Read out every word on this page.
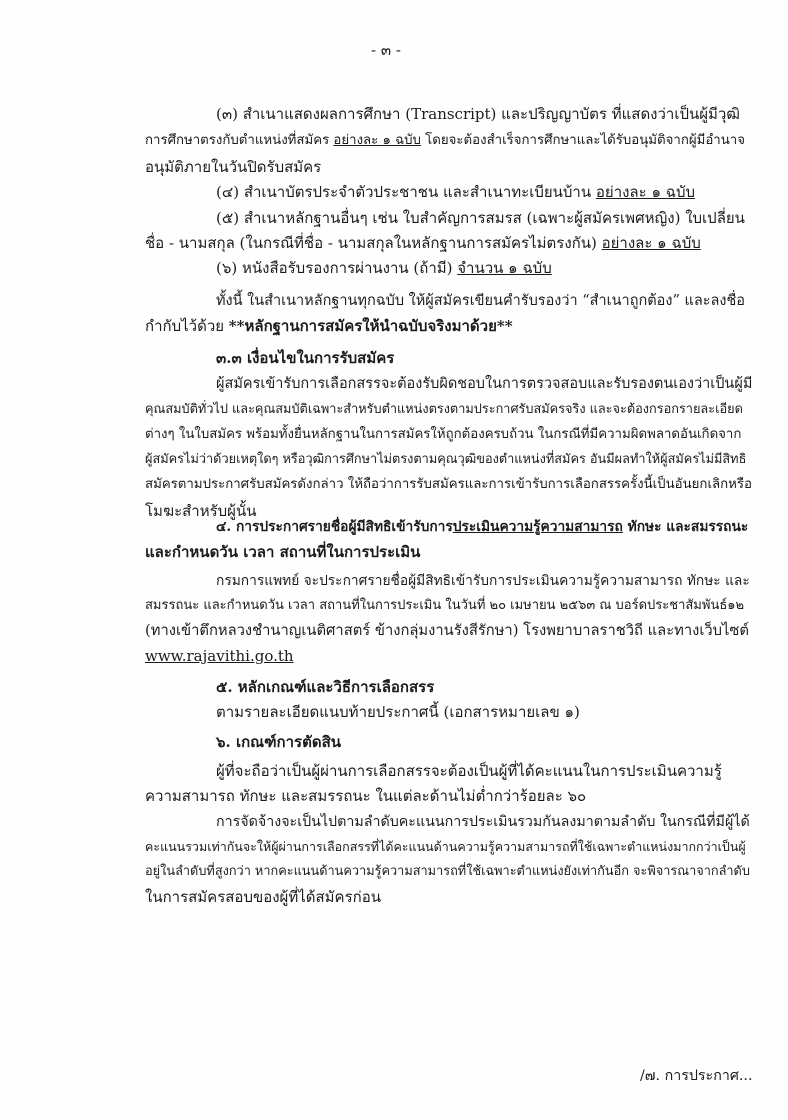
- ๓ -
(๓) สำเนาแสดงผลการศึกษา (Transcript) และปริญญาบัตร ที่แสดงว่าเป็นผู้มีวุฒิ
การศึกษาตรงกับตำแหน่งที่สมัคร อย่างละ ๑ ฉบับ โดยจะต้องสำเร็จการศึกษาและได้รับอนุมัติจากผู้มีอำนาจ
อนุมัติภายในวันปิดรับสมัคร
(๔) สำเนาบัตรประจำตัวประชาชน และสำเนาทะเบียนบ้าน อย่างละ ๑ ฉบับ
(๕) สำเนาหลักฐานอื่นๆ เช่น ใบสำคัญการสมรส (เฉพาะผู้สมัครเพศหญิง) ใบเปลี่ยน
ชื่อ - นามสกุล (ในกรณีที่ชื่อ - นามสกุลในหลักฐานการสมัครไม่ตรงกัน) อย่างละ ๑ ฉบับ
(๖) หนังสือรับรองการผ่านงาน (ถ้ามี) จำนวน ๑ ฉบับ
ทั้งนี้ ในสำเนาหลักฐานทุกฉบับ ให้ผู้สมัครเขียนคำรับรองว่า “สำเนาถูกต้อง” และลงชื่อ
กำกับไว้ด้วย **หลักฐานการสมัครให้นำฉบับจริงมาด้วย**
๓.๓ เงื่อนไขในการรับสมัคร
ผู้สมัครเข้ารับการเลือกสรรจะต้องรับผิดชอบในการตรวจสอบและรับรองตนเองว่าเป็นผู้มี
คุณสมบัติทั่วไป และคุณสมบัติเฉพาะสำหรับตำแหน่งตรงตามประกาศรับสมัครจริง และจะต้องกรอกรายละเอียด
ต่างๆ ในใบสมัคร พร้อมทั้งยื่นหลักฐานในการสมัครให้ถูกต้องครบถ้วน ในกรณีที่มีความผิดพลาดอันเกิดจาก
ผู้สมัครไม่ว่าด้วยเหตุใดๆ หรือวุฒิการศึกษาไม่ตรงตามคุณวุฒิของตำแหน่งที่สมัคร อันมีผลทำให้ผู้สมัครไม่มีสิทธิ
สมัครตามประกาศรับสมัครดังกล่าว ให้ถือว่าการรับสมัครและการเข้ารับการเลือกสรรครั้งนี้เป็นอันยกเลิกหรือ
โมฆะสำหรับผู้นั้น
๔. การประกาศรายชื่อผู้มีสิทธิเข้ารับการประเมินความรู้ความสามารถ ทักษะ และสมรรถนะ
และกำหนดวัน เวลา สถานที่ในการประเมิน
กรมการแพทย์ จะประกาศรายชื่อผู้มีสิทธิเข้ารับการประเมินความรู้ความสามารถ ทักษะ และ
สมรรถนะ และกำหนดวัน เวลา สถานที่ในการประเมิน ในวันที่ ๒๐ เมษายน ๒๕๖๓ ณ บอร์ดประชาสัมพันธ์๑๒
(ทางเข้าตึกหลวงชำนาญเนติศาสตร์ ข้างกลุ่มงานรังสีรักษา) โรงพยาบาลราชวิถี และทางเว็บไซต์
www.rajavithi.go.th
๕. หลักเกณฑ์และวิธีการเลือกสรร
ตามรายละเอียดแนบท้ายประกาศนี้ (เอกสารหมายเลข ๑)
๖. เกณฑ์การตัดสิน
ผู้ที่จะถือว่าเป็นผู้ผ่านการเลือกสรรจะต้องเป็นผู้ที่ได้คะแนนในการประเมินความรู้
ความสามารถ ทักษะ และสมรรถนะ ในแต่ละด้านไม่ต่ำกว่าร้อยละ ๖๐
การจัดจ้างจะเป็นไปตามลำดับคะแนนการประเมินรวมกันลงมาตามลำดับ ในกรณีที่มีผู้ได้
คะแนนรวมเท่ากันจะให้ผู้ผ่านการเลือกสรรที่ได้คะแนนด้านความรู้ความสามารถที่ใช้เฉพาะตำแหน่งมากกว่าเป็นผู้
อยู่ในลำดับที่สูงกว่า หากคะแนนด้านความรู้ความสามารถที่ใช้เฉพาะตำแหน่งยังเท่ากันอีก จะพิจารณาจากลำดับ
ในการสมัครสอบของผู้ที่ได้สมัครก่อน
/๗. การประกาศ...
